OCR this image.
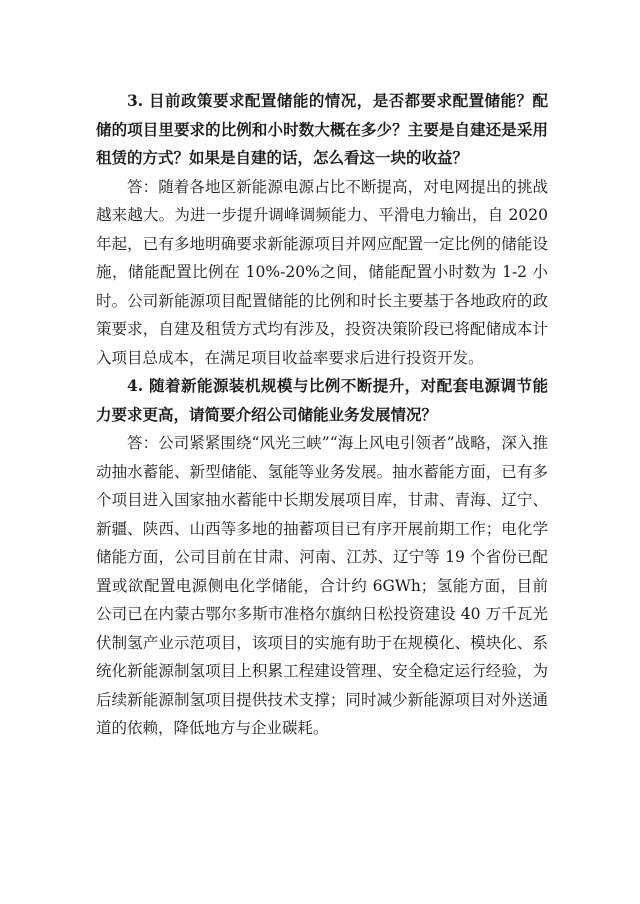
3. 目前政策要求配置储能的情况，是否都要求配置储能？配储的项目里要求的比例和小时数大概在多少？主要是自建还是采用租赁的方式？如果是自建的话，怎么看这一块的收益？

答：随着各地区新能源电源占比不断提高，对电网提出的挑战越来越大。为进一步提升调峰调频能力、平滑电力输出，自 2020 年起，已有多地明确要求新能源项目并网应配置一定比例的储能设施，储能配置比例在 10%-20%之间，储能配置小时数为 1-2 小时。公司新能源项目配置储能的比例和时长主要基于各地政府的政策要求，自建及租赁方式均有涉及，投资决策阶段已将配储成本计入项目总成本，在满足项目收益率要求后进行投资开发。

4. 随着新能源装机规模与比例不断提升，对配套电源调节能力要求更高，请简要介绍公司储能业务发展情况？

答：公司紧紧围绕“风光三峡”“海上风电引领者”战略，深入推动抽水蓄能、新型储能、氢能等业务发展。抽水蓄能方面，已有多个项目进入国家抽水蓄能中长期发展项目库，甘肃、青海、辽宁、新疆、陕西、山西等多地的抽蓄项目已有序开展前期工作；电化学储能方面，公司目前在甘肃、河南、江苏、辽宁等 19 个省份已配置或欲配置电源侧电化学储能，合计约 6GWh；氢能方面，目前公司已在内蒙古鄂尔多斯市准格尔旗纳日松投资建设 40 万千瓦光伏制氢产业示范项目，该项目的实施有助于在规模化、模块化、系统化新能源制氢项目上积累工程建设管理、安全稳定运行经验，为后续新能源制氢项目提供技术支撑；同时减少新能源项目对外送通道的依赖，降低地方与企业碳耗。
